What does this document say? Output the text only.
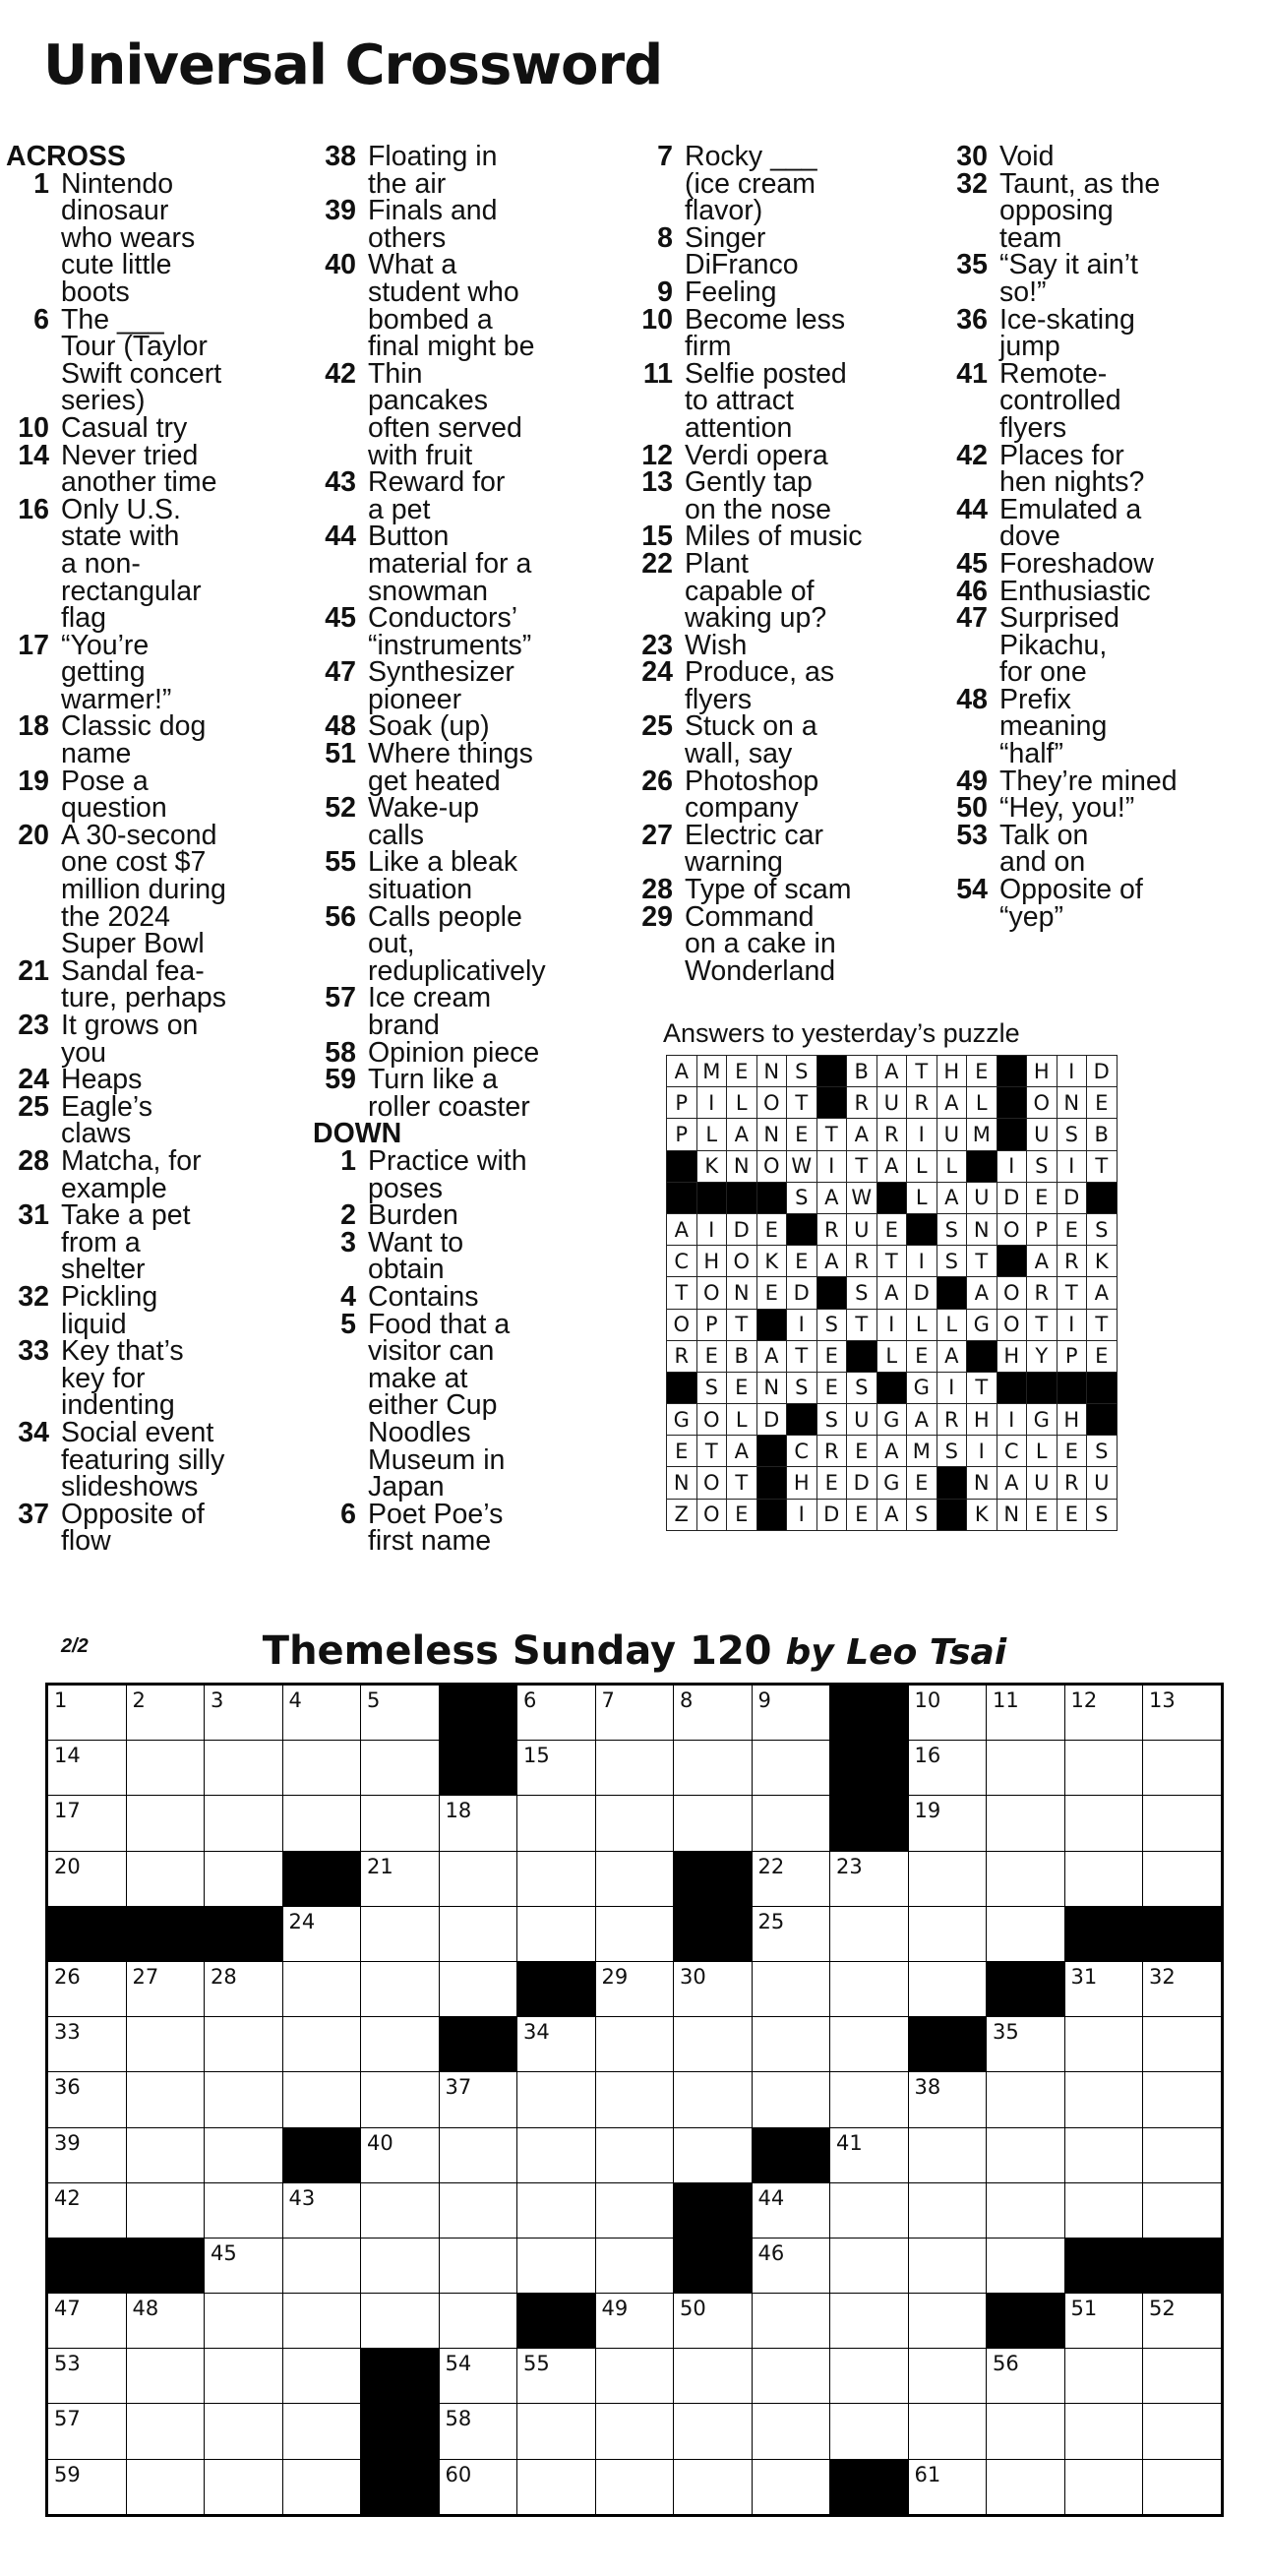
Universal Crossword
ACROSS
1 Nintendo
dinosaur
who wears
cute little
boots
6 The ___
Tour (Taylor
Swift concert
series)
10 Casual try
14 Never tried
another time
16 Only U.S.
state with
a non-
rectangular
flag
17 “You’re
getting
warmer!”
18 Classic dog
name
19 Pose a
question
20 A 30-second
one cost $7
million during
the 2024
Super Bowl
21 Sandal fea-
ture, perhaps
23 It grows on
you
24 Heaps
25 Eagle’s
claws
28 Matcha, for
example
31 Take a pet
from a
shelter
32 Pickling
liquid
33 Key that’s
key for
indenting
34 Social event
featuring silly
slideshows
37 Opposite of
flow
38 Floating in
the air
39 Finals and
others
40 What a
student who
bombed a
final might be
42 Thin
pancakes
often served
with fruit
43 Reward for
a pet
44 Button
material for a
snowman
45 Conductors’
“instruments”
47 Synthesizer
pioneer
48 Soak (up)
51 Where things
get heated
52 Wake-up
calls
55 Like a bleak
situation
56 Calls people
out,
reduplicatively
57 Ice cream
brand
58 Opinion piece
59 Turn like a
roller coaster
DOWN
1 Practice with
poses
2 Burden
3 Want to
obtain
4 Contains
5 Food that a
visitor can
make at
either Cup
Noodles
Museum in
Japan
6 Poet Poe’s
first name
7 Rocky ___
(ice cream
flavor)
8 Singer
DiFranco
9 Feeling
10 Become less
firm
11 Selfie posted
to attract
attention
12 Verdi opera
13 Gently tap
on the nose
15 Miles of music
22 Plant
capable of
waking up?
23 Wish
24 Produce, as
flyers
25 Stuck on a
wall, say
26 Photoshop
company
27 Electric car
warning
28 Type of scam
29 Command
on a cake in
Wonderland
30 Void
32 Taunt, as the
opposing
team
35 “Say it ain’t
so!”
36 Ice-skating
jump
41 Remote-
controlled
flyers
42 Places for
hen nights?
44 Emulated a
dove
45 Foreshadow
46 Enthusiastic
47 Surprised
Pikachu,
for one
48 Prefix
meaning
“half”
49 They’re mined
50 “Hey, you!”
53 Talk on
and on
54 Opposite of
“yep”
Answers to yesterday’s puzzle
A	M	E	N	S		B	A	T	H	E		H	I	D
P	I	L	O	T		R	U	R	A	L		O	N	E
P	L	A	N	E	T	A	R	I	U	M		U	S	B
	K	N	O	W	I	T	A	L	L		I	S	I	T
				S	A	W		L	A	U	D	E	D	
A	I	D	E		R	U	E		S	N	O	P	E	S
C	H	O	K	E	A	R	T	I	S	T		A	R	K
T	O	N	E	D		S	A	D		A	O	R	T	A
O	P	T		I	S	T	I	L	L	G	O	T	I	T
R	E	B	A	T	E		L	E	A		H	Y	P	E
	S	E	N	S	E	S		G	I	T				
G	O	L	D		S	U	G	A	R	H	I	G	H	
E	T	A		C	R	E	A	M	S	I	C	L	E	S
N	O	T		H	E	D	G	E		N	A	U	R	U
Z	O	E		I	D	E	A	S		K	N	E	E	S
2/2	Themeless Sunday 120 by Leo Tsai
1	2	3	4	5		6	7	8	9		10	11	12	13

14						15					16			

17					18						19			

20				21					22	23				

			24						25					

26	27	28					29	30					31	32

33						34						35		

36					37						38			

39				40						41				

42			43						44					

		45							46					

47	48						49	50					51	52

53					54	55						56		

57					58									

59					60						61			
